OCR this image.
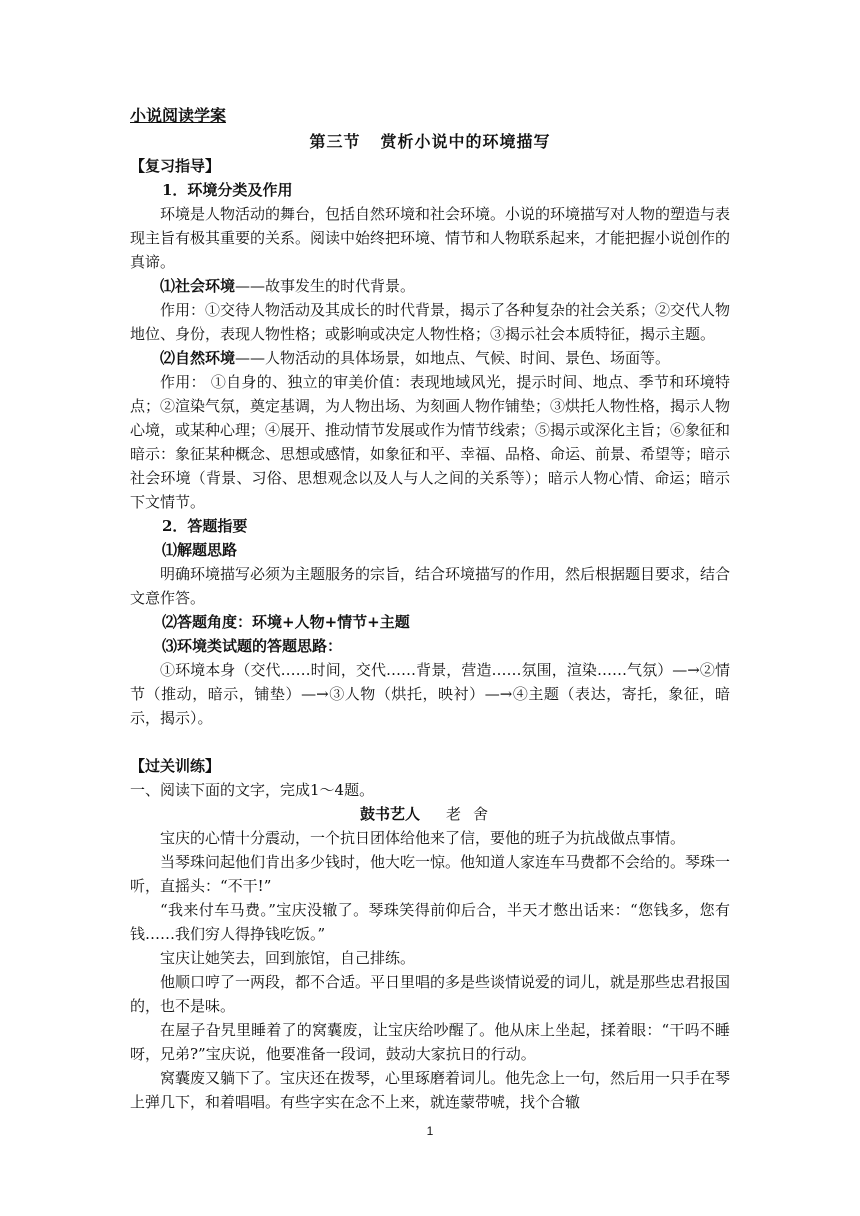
小说阅读学案
第三节 赏析小说中的环境描写
【复习指导】
1．环境分类及作用

环境是人物活动的舞台，包括自然环境和社会环境。小说的环境描写对人物的塑造与表现主旨有极其重要的关系。阅读中始终把环境、情节和人物联系起来，才能把握小说创作的真谛。

⑴社会环境——故事发生的时代背景。

作用：①交待人物活动及其成长的时代背景，揭示了各种复杂的社会关系；②交代人物地位、身份，表现人物性格；或影响或决定人物性格；③揭示社会本质特征，揭示主题。

⑵自然环境——人物活动的具体场景，如地点、气候、时间、景色、场面等。

作用： ①自身的、独立的审美价值：表现地域风光，提示时间、地点、季节和环境特点；②渲染气氛，奠定基调，为人物出场、为刻画人物作铺垫；③烘托人物性格，揭示人物心境，或某种心理；④展开、推动情节发展或作为情节线索；⑤揭示或深化主旨；⑥象征和暗示：象征某种概念、思想或感情，如象征和平、幸福、品格、命运、前景、希望等；暗示社会环境（背景、习俗、思想观念以及人与人之间的关系等）；暗示人物心情、命运；暗示下文情节。

2．答题指要
⑴解题思路

明确环境描写必须为主题服务的宗旨，结合环境描写的作用，然后根据题目要求，结合文意作答。

⑵答题角度：环境+人物+情节+主题
⑶环境类试题的答题思路：

①环境本身（交代……时间，交代……背景，营造……氛围，渲染……气氛）—→②情节（推动，暗示，铺垫）—→③人物（烘托，映衬）—→④主题（表达，寄托，象征，暗示，揭示）。

【过关训练】
一、阅读下面的文字，完成1～4题。
鼓书艺人 老舍

宝庆的心情十分震动，一个抗日团体给他来了信，要他的班子为抗战做点事情。

当琴珠问起他们肯出多少钱时，他大吃一惊。他知道人家连车马费都不会给的。琴珠一听，直摇头：“不干!”

“我来付车马费。”宝庆没辙了。琴珠笑得前仰后合，半天才憋出话来：“您钱多，您有钱……我们穷人得挣钱吃饭。”

宝庆让她笑去，回到旅馆，自己排练。

他顺口哼了一两段，都不合适。平日里唱的多是些谈情说爱的词儿，就是那些忠君报国的，也不是味。

在屋子旮旯里睡着了的窝囊废，让宝庆给吵醒了。他从床上坐起，揉着眼：“干吗不睡呀，兄弟?”宝庆说，他要准备一段词，鼓动大家抗日的行动。

窝囊废又躺下了。宝庆还在拨琴，心里琢磨着词儿。他先念上一句，然后用一只手在琴上弹几下，和着唱唱。有些字实在念不上来，就连蒙带唬，找个合辙

1
